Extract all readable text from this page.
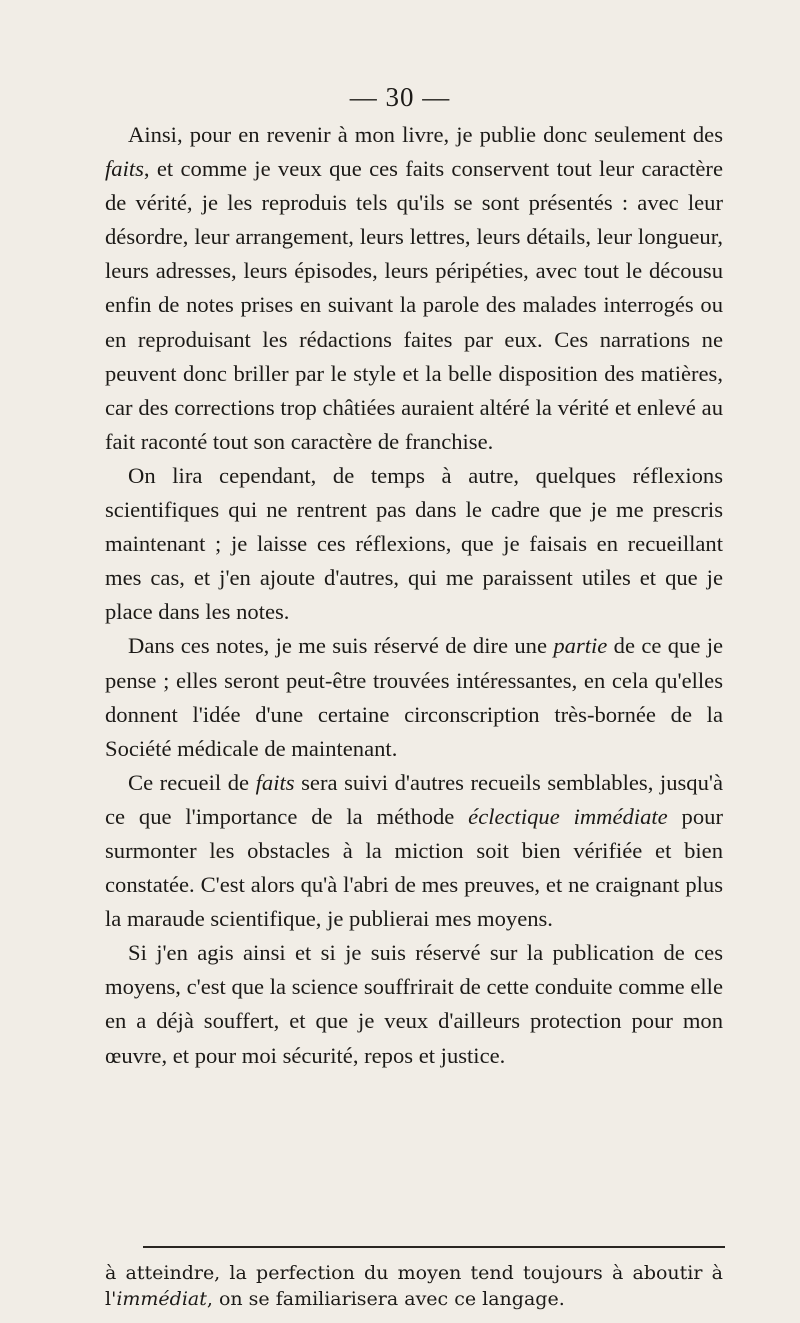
— 30 —

Ainsi, pour en revenir à mon livre, je publie donc seulement des faits, et comme je veux que ces faits conservent tout leur caractère de vérité, je les reproduis tels qu'ils se sont présentés : avec leur désordre, leur arrangement, leurs lettres, leurs détails, leur longueur, leurs adresses, leurs épisodes, leurs péripéties, avec tout le décousu enfin de notes prises en suivant la parole des malades interrogés ou en reproduisant les rédactions faites par eux. Ces narrations ne peuvent donc briller par le style et la belle disposition des matières, car des corrections trop châtiées auraient altéré la vérité et enlevé au fait raconté tout son caractère de franchise.

On lira cependant, de temps à autre, quelques réflexions scientifiques qui ne rentrent pas dans le cadre que je me prescris maintenant ; je laisse ces réflexions, que je faisais en recueillant mes cas, et j'en ajoute d'autres, qui me paraissent utiles et que je place dans les notes.

Dans ces notes, je me suis réservé de dire une partie de ce que je pense ; elles seront peut-être trouvées intéressantes, en cela qu'elles donnent l'idée d'une certaine circonscription très-bornée de la Société médicale de maintenant.

Ce recueil de faits sera suivi d'autres recueils semblables, jusqu'à ce que l'importance de la méthode éclectique immédiate pour surmonter les obstacles à la miction soit bien vérifiée et bien constatée. C'est alors qu'à l'abri de mes preuves, et ne craignant plus la maraude scientifique, je publierai mes moyens.

Si j'en agis ainsi et si je suis réservé sur la publication de ces moyens, c'est que la science souffrirait de cette conduite comme elle en a déjà souffert, et que je veux d'ailleurs protection pour mon œuvre, et pour moi sécurité, repos et justice.

à atteindre, la perfection du moyen tend toujours à aboutir à l'immédiat, on se familiarisera avec ce langage.
